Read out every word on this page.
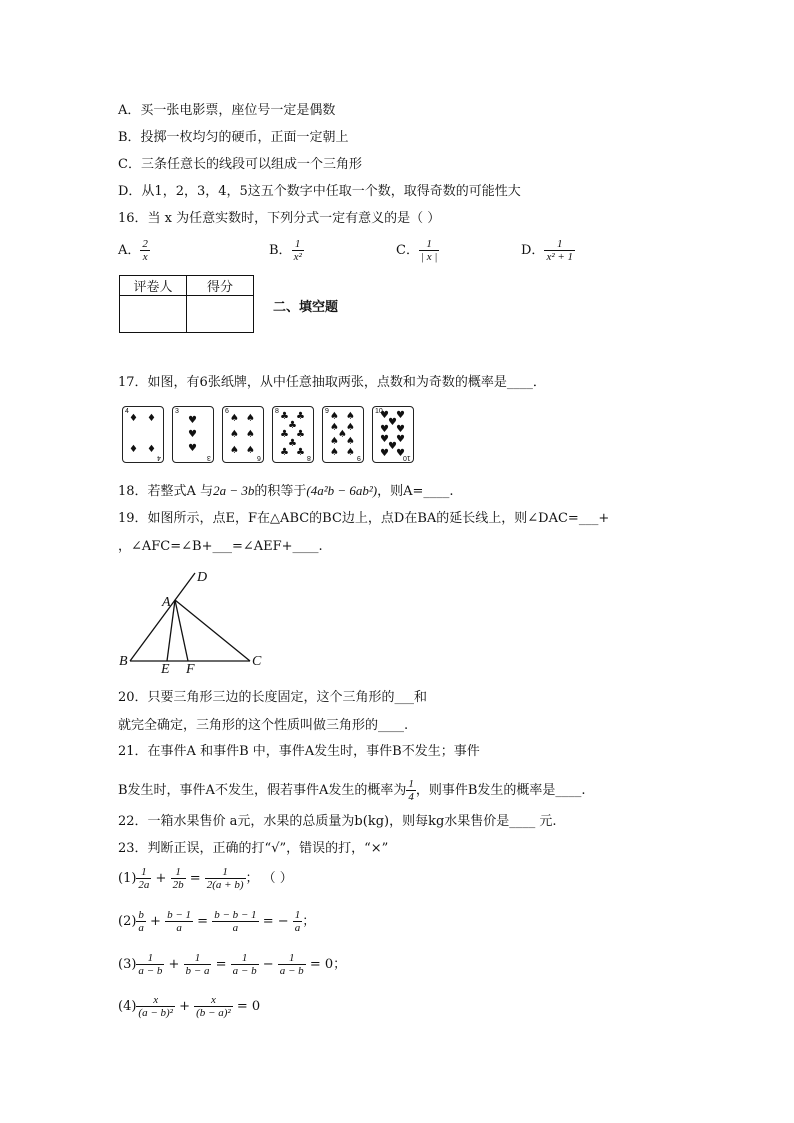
A．买一张电影票，座位号一定是偶数
B．投掷一枚均匀的硬币，正面一定朝上
C．三条任意长的线段可以组成一个三角形
D．从1，2，3，4，5这五个数字中任取一个数，取得奇数的可能性大
16．当 x 为任意实数时，下列分式一定有意义的是（ ）
A． $\frac{2}{x}$	B． $\frac{1}{\text{x²}}$	C． $\frac{1}{| x |}$	D． $\frac{1}{\text{x² + 1}}$
评卷人	得分

二、填空题
17．如图，有6张纸牌，从中任意抽取两张，点数和为奇数的概率是____．
4
4
♦ ♦
♦ ♦
3
3
♥
♥
♥
6
6
♠ ♠
♠ ♠
♠ ♠
8
8
♣ ♣
♣
♣ ♣
♣
♣ ♣
9
9
♠ ♠
♠ ♠
♠
♠ ♠
♠ ♠
10
10
♥ ♥
♥
♥ ♥
♥ ♥
♥
♥ ♥
18．若整式A 与2a − 3b的积等于(4a²b − 6ab²)，则A=____.
19．如图所示，点E，F在△ABC的BC边上，点D在BA的延长线上，则∠DAC=___+
，∠AFC=∠B+___=∠AEF+____.
A
B	C
D
E F
20．只要三角形三边的长度固定，这个三角形的___和
就完全确定，三角形的这个性质叫做三角形的____.
21．在事件A 和事件B 中，事件A发生时，事件B不发生；事件
B发生时，事件A不发生，假若事件A发生的概率为 $\frac{1}{4}$ ，则事件B发生的概率是____.
22．一箱水果售价 a元，水果的总质量为b(kg)，则每kg水果售价是____ 元.
23．判断正误，正确的打“√”，错误的打，“×”
$(1) \frac{1}{2a} + \frac{1}{2b} = \frac{1}{2(a + b)}$ ； （ ）
$(2) \frac{b}{a} + \frac{b - 1}{a} = \frac{b - b - 1}{a}$ = − $\frac{1}{a}$ ；
$(3) \frac{1}{a - b} + \frac{1}{b - a} = \frac{1}{a - b} - \frac{1}{a - b} = 0$；
$(4) \frac{x}{\text{(a − b)²}} + \frac{x}{\text{(b − a)²}} = 0$
